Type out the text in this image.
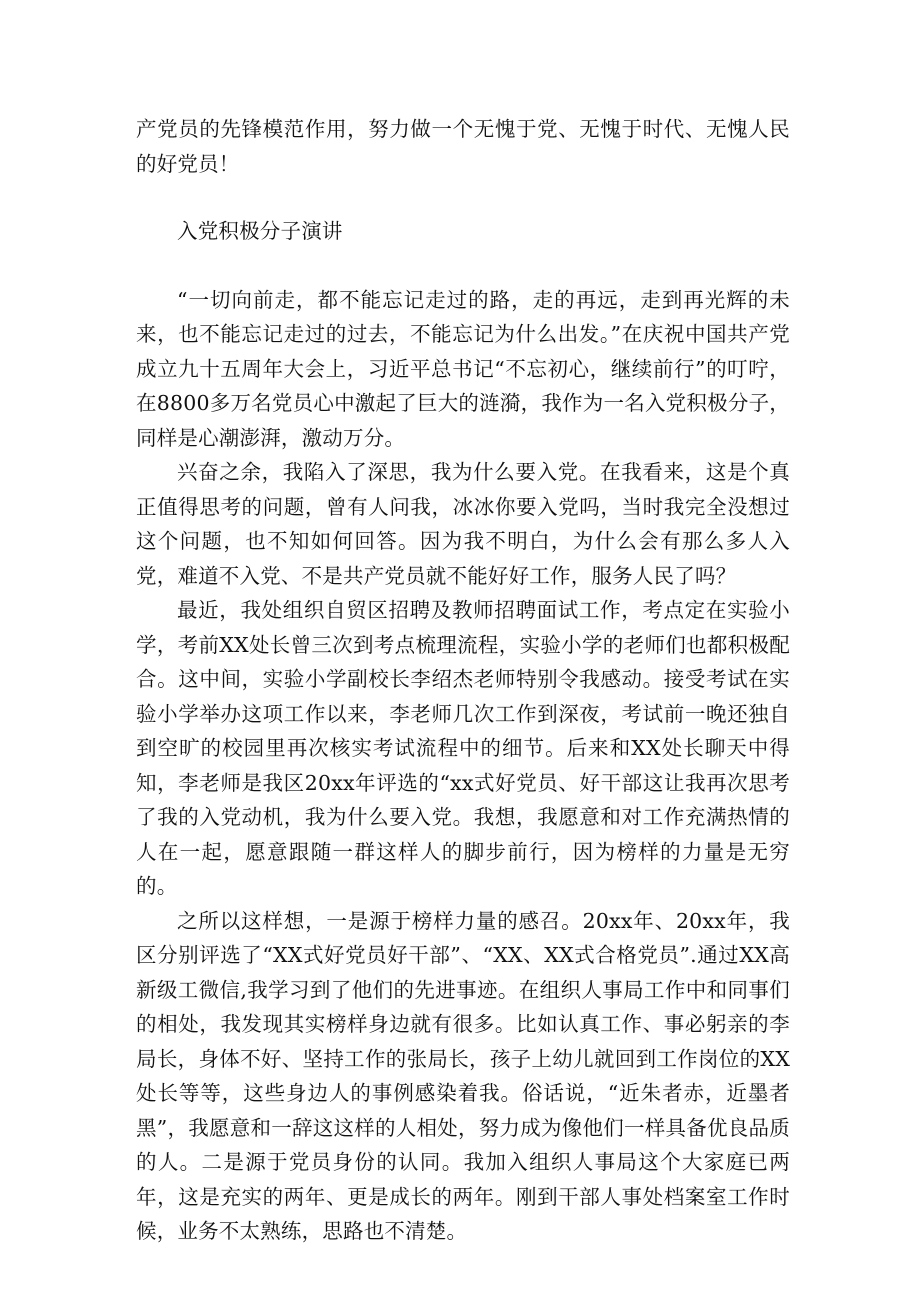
产党员的先锋模范作用，努力做一个无愧于党、无愧于时代、无愧人民的好党员！

入党积极分子演讲

“一切向前走，都不能忘记走过的路，走的再远，走到再光辉的未来，也不能忘记走过的过去，不能忘记为什么出发。”在庆祝中国共产党成立九十五周年大会上，习近平总书记“不忘初心，继续前行”的叮咛，在8800多万名党员心中激起了巨大的涟漪，我作为一名入党积极分子，同样是心潮澎湃，激动万分。

兴奋之余，我陷入了深思，我为什么要入党。在我看来，这是个真正值得思考的问题，曾有人问我，冰冰你要入党吗，当时我完全没想过这个问题，也不知如何回答。因为我不明白，为什么会有那么多人入党，难道不入党、不是共产党员就不能好好工作，服务人民了吗？

最近，我处组织自贸区招聘及教师招聘面试工作，考点定在实验小学，考前XX处长曾三次到考点梳理流程，实验小学的老师们也都积极配合。这中间，实验小学副校长李绍杰老师特别令我感动。接受考试在实验小学举办这项工作以来，李老师几次工作到深夜，考试前一晚还独自到空旷的校园里再次核实考试流程中的细节。后来和XX处长聊天中得知，李老师是我区20xx年评选的“xx式好党员、好干部这让我再次思考了我的入党动机，我为什么要入党。我想，我愿意和对工作充满热情的人在一起，愿意跟随一群这样人的脚步前行，因为榜样的力量是无穷的。

之所以这样想，一是源于榜样力量的感召。20xx年、20xx年，我区分别评选了“XX式好党员好干部”、“XX、XX式合格党员”.通过XX高新级工微信,我学习到了他们的先进事迹。在组织人事局工作中和同事们的相处，我发现其实榜样身边就有很多。比如认真工作、事必躬亲的李局长，身体不好、坚持工作的张局长，孩子上幼儿就回到工作岗位的XX处长等等，这些身边人的事例感染着我。俗话说，“近朱者赤，近墨者黑”，我愿意和一辞这这样的人相处，努力成为像他们一样具备优良品质的人。二是源于党员身份的认同。我加入组织人事局这个大家庭已两年，这是充实的两年、更是成长的两年。刚到干部人事处档案室工作时候，业务不太熟练，思路也不清楚。
